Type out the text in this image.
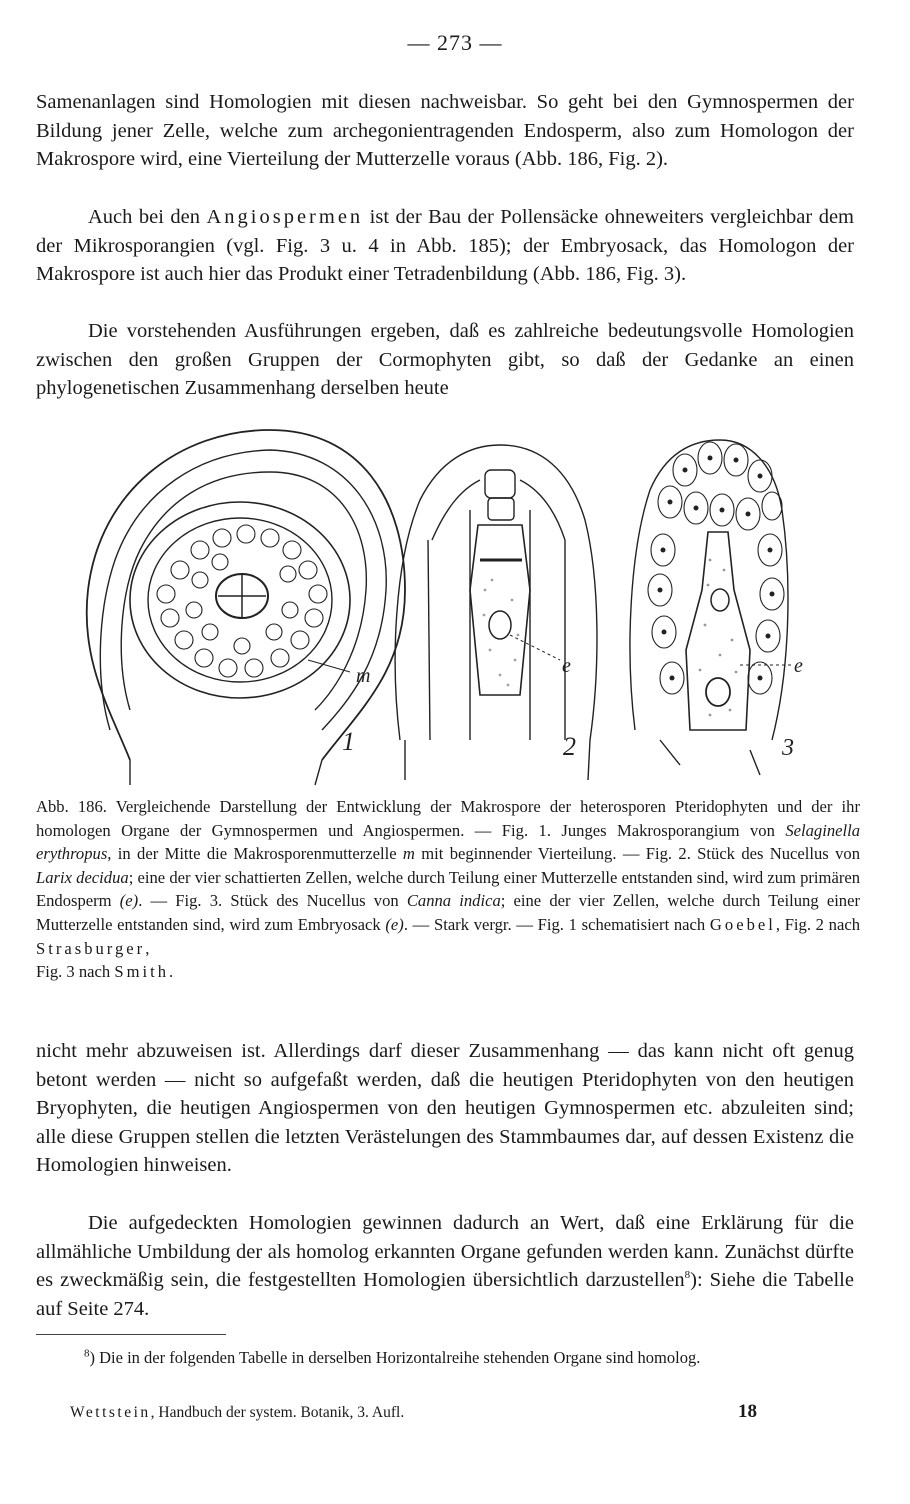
— 273 —

Samenanlagen sind Homologien mit diesen nachweisbar. So geht bei den Gymnospermen der Bildung jener Zelle, welche zum archegonientragenden Endosperm, also zum Homologon der Makrospore wird, eine Vierteilung der Mutterzelle voraus (Abb. 186, Fig. 2).

Auch bei den Angiospermen ist der Bau der Pollensäcke ohneweiters vergleichbar dem der Mikrosporangien (vgl. Fig. 3 u. 4 in Abb. 185); der Embryosack, das Homologon der Makrospore ist auch hier das Produkt einer Tetradenbildung (Abb. 186, Fig. 3).

Die vorstehenden Ausführungen ergeben, daß es zahlreiche bedeutungsvolle Homologien zwischen den großen Gruppen der Cormophyten gibt, so daß der Gedanke an einen phylogenetischen Zusammenhang derselben heute

m
1
e
2
e
3

Abb. 186. Vergleichende Darstellung der Entwicklung der Makrospore der heterosporen Pteridophyten und der ihr homologen Organe der Gymnospermen und Angiospermen. — Fig. 1. Junges Makrosporangium von Selaginella erythropus, in der Mitte die Makrosporenmutterzelle m mit beginnender Vierteilung. — Fig. 2. Stück des Nucellus von Larix decidua; eine der vier schattierten Zellen, welche durch Teilung einer Mutterzelle entstanden sind, wird zum primären Endosperm (e). — Fig. 3. Stück des Nucellus von Canna indica; eine der vier Zellen, welche durch Teilung einer Mutterzelle entstanden sind, wird zum Embryosack (e). — Stark vergr. — Fig. 1 schematisiert nach Goebel, Fig. 2 nach Strasburger,
Fig. 3 nach Smith.

nicht mehr abzuweisen ist. Allerdings darf dieser Zusammenhang — das kann nicht oft genug betont werden — nicht so aufgefaßt werden, daß die heutigen Pteridophyten von den heutigen Bryophyten, die heutigen Angiospermen von den heutigen Gymnospermen etc. abzuleiten sind; alle diese Gruppen stellen die letzten Verästelungen des Stammbaumes dar, auf dessen Existenz die Homologien hinweisen.

Die aufgedeckten Homologien gewinnen dadurch an Wert, daß eine Erklärung für die allmähliche Umbildung der als homolog erkannten Organe gefunden werden kann. Zunächst dürfte es zweckmäßig sein, die festgestellten Homologien übersichtlich darzustellen$^8$): Siehe die Tabelle auf Seite 274.

$^8$) Die in der folgenden Tabelle in derselben Horizontalreihe stehenden Organe sind homolog.

Wettstein, Handbuch der system. Botanik, 3. Aufl.	18
